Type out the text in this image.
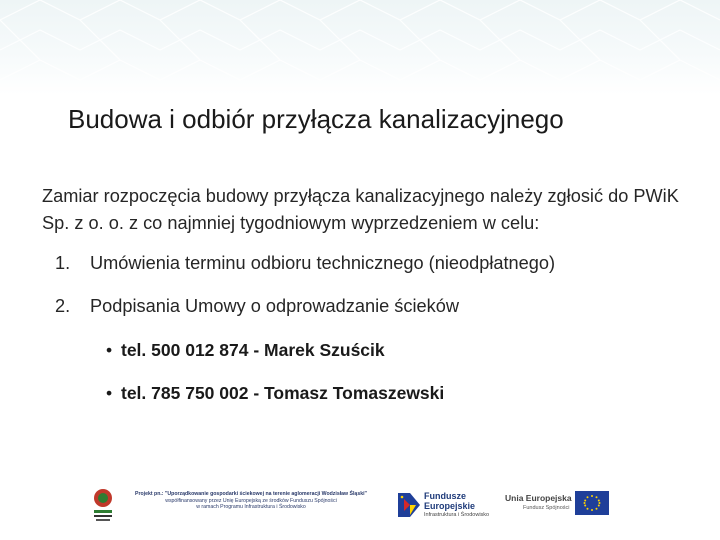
Budowa i odbiór przyłącza kanalizacyjnego
Zamiar rozpoczęcia budowy przyłącza kanalizacyjnego należy zgłosić do PWiK Sp. z o. o. z co najmniej tygodniowym wyprzedzeniem w celu:
1. Umówienia terminu odbioru technicznego (nieodpłatnego)
2. Podpisania Umowy o odprowadzanie ścieków
• tel. 500 012 874 - Marek Szuścik
• tel. 785 750 002 - Tomasz Tomaszewski
Projekt pn.: "Uporządkowanie gospodarki ściekowej na terenie aglomeracji Wodzisław Śląski"
współfinansowany przez Unię Europejską ze środków Funduszu Spójności
w ramach Programu Infrastruktura i Środowisko
Fundusze
Europejskie
Infrastruktura i Środowisko
Unia Europejska
Fundusz Spójności
